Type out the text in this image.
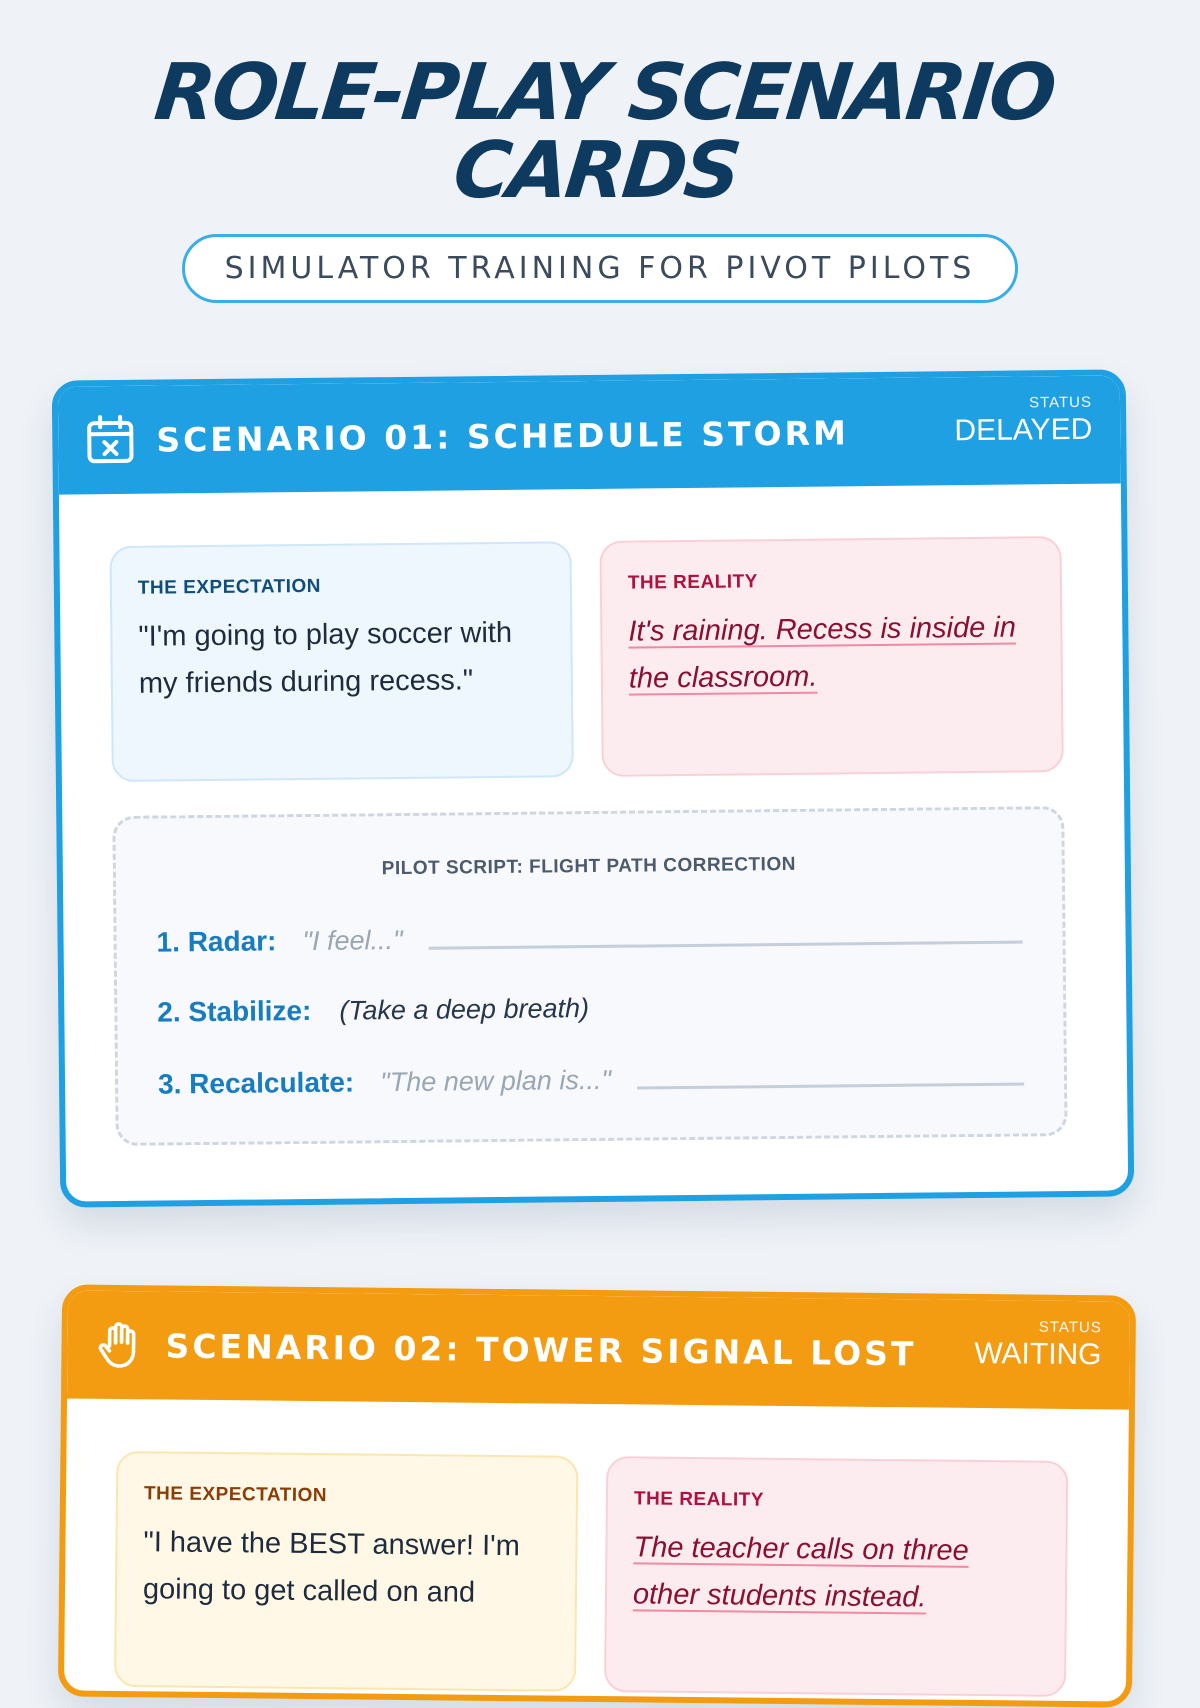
ROLE-PLAY SCENARIO
CARDS
SIMULATOR TRAINING FOR PIVOT PILOTS
SCENARIO 01: SCHEDULE STORM
STATUS
DELAYED
THE EXPECTATION
"I'm going to play soccer with my friends during recess."
THE REALITY
It's raining. Recess is inside in the classroom.
PILOT SCRIPT: FLIGHT PATH CORRECTION
1. Radar: "I feel..."
2. Stabilize: (Take a deep breath)
3. Recalculate: "The new plan is..."
SCENARIO 02: TOWER SIGNAL LOST	STATUS
WAITING
THE EXPECTATION
"I have the BEST answer! I'm going to get called on and
THE REALITY
The teacher calls on three other students instead.
